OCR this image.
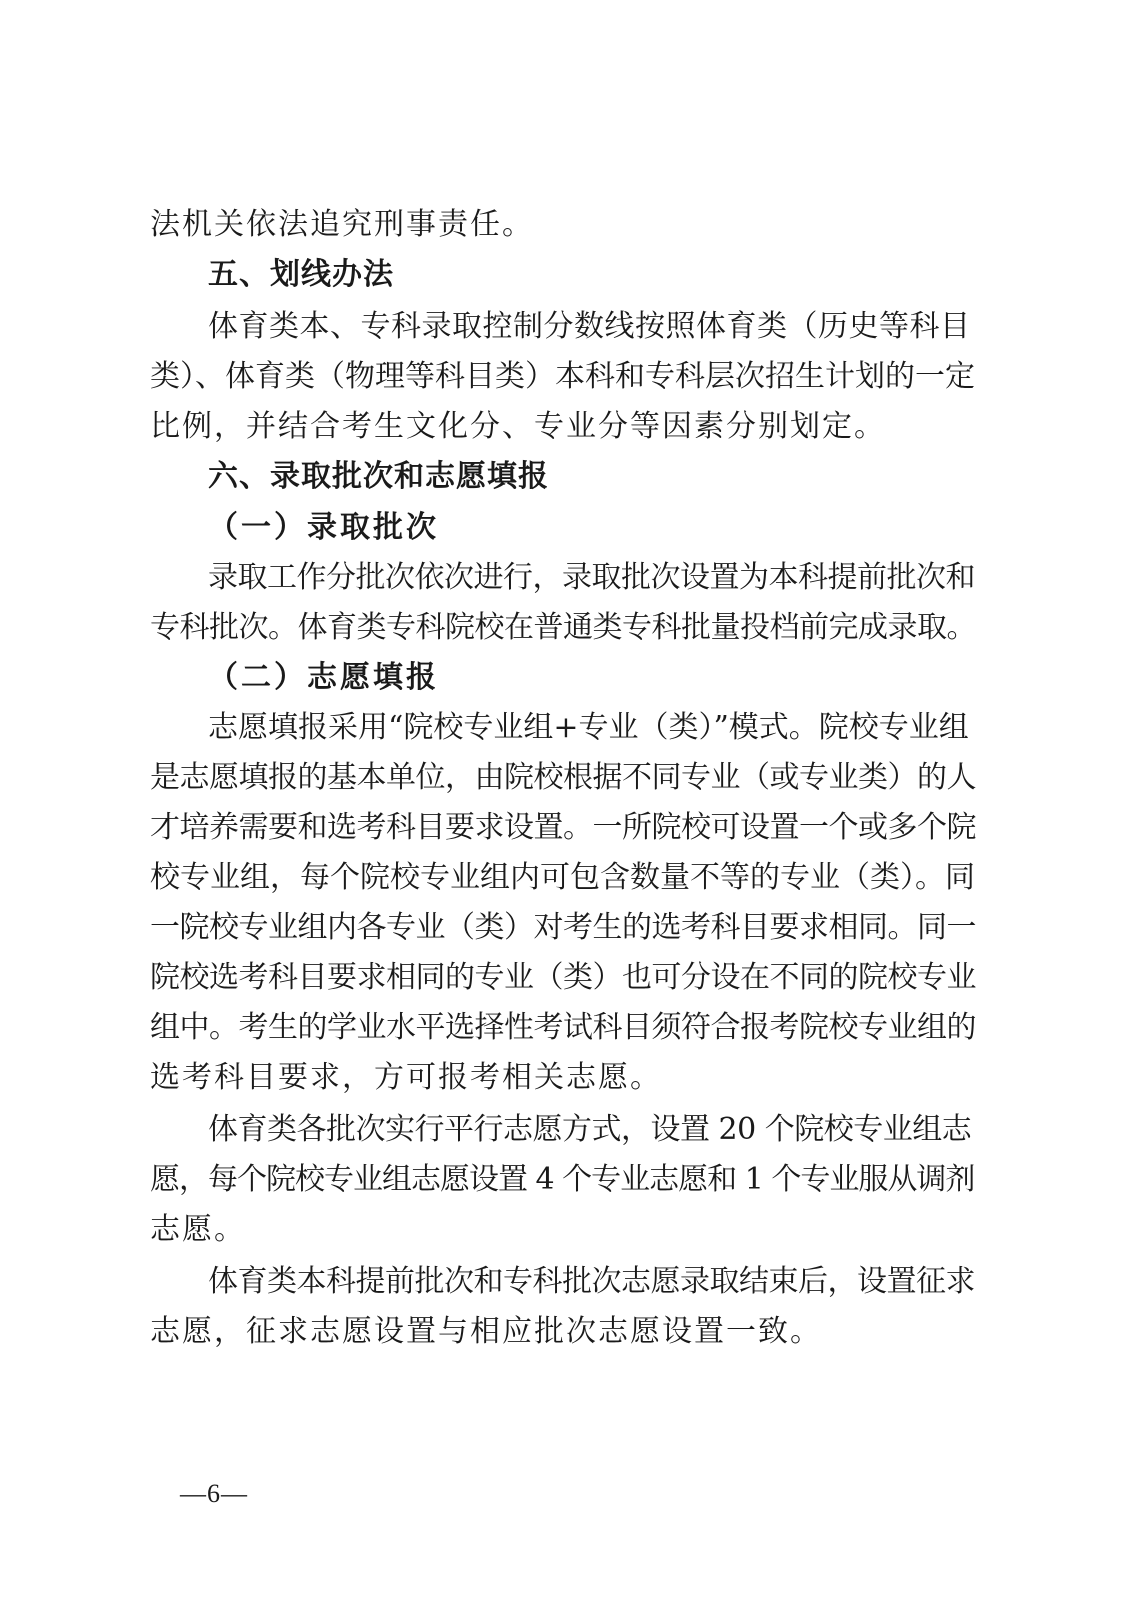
法机关依法追究刑事责任。
五、划线办法
体育类本、专科录取控制分数线按照体育类（历史等科目
类）、体育类（物理等科目类）本科和专科层次招生计划的一定
比例，并结合考生文化分、专业分等因素分别划定。
六、录取批次和志愿填报
（一）录取批次
录取工作分批次依次进行，录取批次设置为本科提前批次和
专科批次。体育类专科院校在普通类专科批量投档前完成录取。
（二）志愿填报
志愿填报采用“院校专业组+专业（类）”模式。院校专业组
是志愿填报的基本单位，由院校根据不同专业（或专业类）的人
才培养需要和选考科目要求设置。一所院校可设置一个或多个院
校专业组，每个院校专业组内可包含数量不等的专业（类）。同
一院校专业组内各专业（类）对考生的选考科目要求相同。同一
院校选考科目要求相同的专业（类）也可分设在不同的院校专业
组中。考生的学业水平选择性考试科目须符合报考院校专业组的
选考科目要求，方可报考相关志愿。
体育类各批次实行平行志愿方式，设置 20 个院校专业组志
愿，每个院校专业组志愿设置 4 个专业志愿和 1 个专业服从调剂
志愿。
体育类本科提前批次和专科批次志愿录取结束后，设置征求
志愿，征求志愿设置与相应批次志愿设置一致。
—6—
